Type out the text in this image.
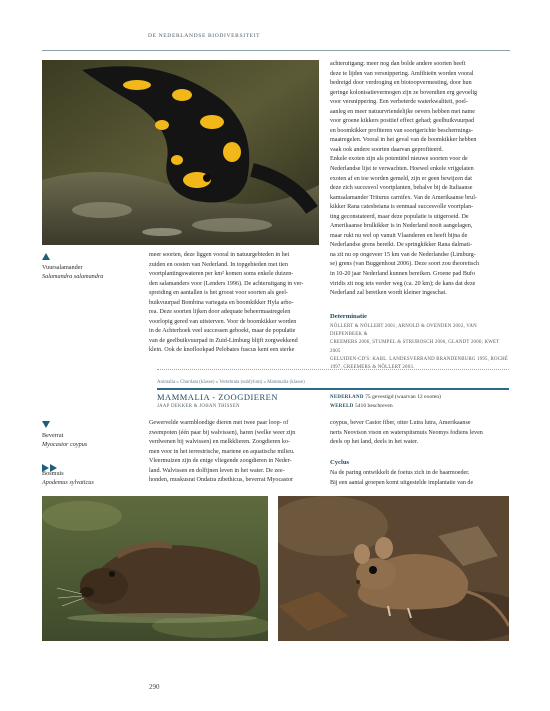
DE NEDERLANDSE BIODIVERSITEIT
Vuursalamander
Salamandra salamandra

meer soorten, deze liggen vooral in natuurgebieden in het

zuiden en oosten van Nederland. In topgebieden met tien

voortplantingswateren per km² komen soms enkele duizen-

den salamanders voor (Lenders 1996). De achteruitgang in ver-

spreiding en aantallen is het groost voor soorten als geel-

buikvuurpad Bombina variegata en boomkikker Hyla arbo-

rea. Deze soorten lijken door adequate beheermaatregelen

voorlopig gered van uitsterven. Voor de boomkikker worden

in de Achterhoek veel successen geboekt, maar de populatie

van de geelbuikvuurpad in Zuid-Limburg blijft zorgwekkend

klein. Ook de knoflookpad Pelobates fuscus kent een sterke

achteruitgang; meer nog dan bolde andere soorten heeft

deze te lijden van versnippering. Amfibieën worden vooral

bedreigd door verdroging en biotoopvermesting, door hun

geringe kolonisatievermogen zijn ze bovendien erg gevoelig

voor versnippering. Een verbeterde waterkwaliteit, poel-

aanleg en meer natuurvriendelijke oevers hebben met name

voor groene kikkers positief effect gehad; geelbuikvuurpad

en boomkikker profiteren van soortgerichte beschermings-

maatregelen. Vooral in het geval van de boomkikker hebben

vaak ook andere soorten daarvan geprofiteerd.

Enkele exoten zijn als potentiëel nieuwe soorten voor de

Nederlandse lijst te verwachten. Hoewel enkele vrijgelaten

exoten af en toe worden gemeld, zijn er geen bewijzen dat

deze zich succesvol voortplanten, behalve bij de Italiaanse

kamsalamander Triturus carnifex. Van de Amerikaanse brul-

kikker Rana catesbeiana is eenmaal succesvolle voortplan-

ting geconstateerd, maar deze populatie is uitgeroeid. De

Amerikaanse brulkikker is in Nederland nooit aangelagen,

maar rukt nu wel op vanuit Vlaanderen en heeft bijna de

Nederlandse grens bereikt. De springkikker Rana dalmati-

na zit nu op ongeveer 15 km van de Nederlandse (Limburg-

se) grens (van Buggenhout 2006). Deze soort zou theoretisch

in 10-20 jaar Nederland kunnen bereiken. Groene pad Bufo

viridis zit nog iets verder weg (ca. 20 km); de kans dat deze

Nederland zal bereiken wordt kleiner ingeschat.

Determinatie
NÖLLERT & NÖLLERT 2001, ARNOLD & OVENDEN 2002, VAN DIEPENBEEK &
CREEMERS 2006, STUMPEL & STRIJBOSCH 2006, GLANDT 2006; KWET 2005
GELUIDEN-CD'S: KABL. LANDESVERBAND BRANDENBURG 1995, ROCHÉ
1997, CREEMERS & NÖLLERT 2003.
Animalia » Chordata (klasse) » Vertebrata (subfylum) » Mammalia (klasse)
MAMMALIA - ZOOGDIEREN
JAAP DEKKER & JOHAN THISSEN
NEDERLAND 75 gevestigd (waarvan 12 exoten)
WERELD 5416 beschreven
Beverrat
Myocastor coypus
Bosmuis
Apodemus sylvaticus

Gewervelde warmbloedige dieren met twee paar loop- of

zwempoten (één paar bij walvissen), haren (welke weer zijn

verdwenen bij walvissen) en melkklieren. Zoogdieren ko-

men voor in het terrestrische, mariene en aquatische milieu.

Vleermuizen zijn de enige vliegende zoogdieren in Neder-

land. Walvissen en dolfijnen leven in het water. De zee-

honden, muskusrat Ondatra zibethicus, beverrat Myocastor

coypus, bever Castor fiber, otter Lutra lutra, Amerikaanse

nerts Neovison vison en waterspitsmuis Neomys fodiens leven

deels op het land, deels in het water.

Cyclus

Na de paring ontwikkelt de foetus zich in de baarmoeder.

Bij een aantal groepen komt uitgestelde implantatie van de

290
